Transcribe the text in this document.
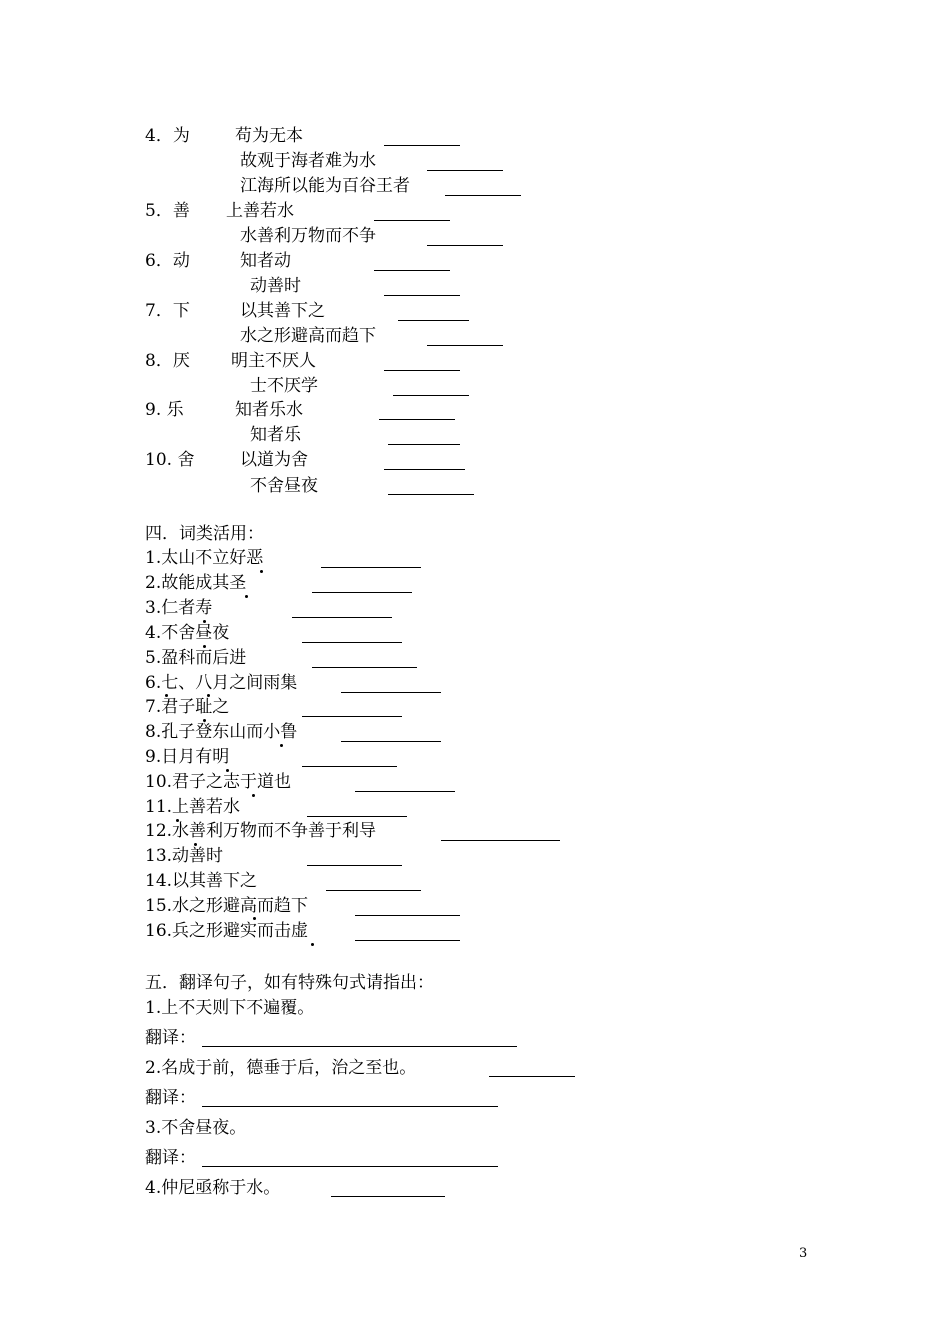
4．为	苟为无本
故观于海者难为水
江海所以能为百谷王者
5．善 上善若水
水善利万物而不争
6．动	知者动
动善时
7．下	以其善下之
水之形避高而趋下
8．厌 明主不厌人
士不厌学
9. 乐	知者乐水
知者乐
10. 舍	以道为舍
不舍昼夜
四．词类活用：
1.太山不立好恶
2.故能成其圣
3.仁者寿
4.不舍昼夜
5.盈科而后进
6.七、八月之间雨集
7.君子耻之
8.孔子登东山而小鲁
9.日月有明
10.君子之志于道也
11.上善若水
12.水善利万物而不争善于利导
13.动善时
14.以其善下之
15.水之形避高而趋下
16.兵之形避实而击虚
五．翻译句子，如有特殊句式请指出：
1.上不天则下不遍覆。
翻译：
2.名成于前，德垂于后，治之至也。
翻译：
3.不舍昼夜。
翻译：
4.仲尼亟称于水。
3
